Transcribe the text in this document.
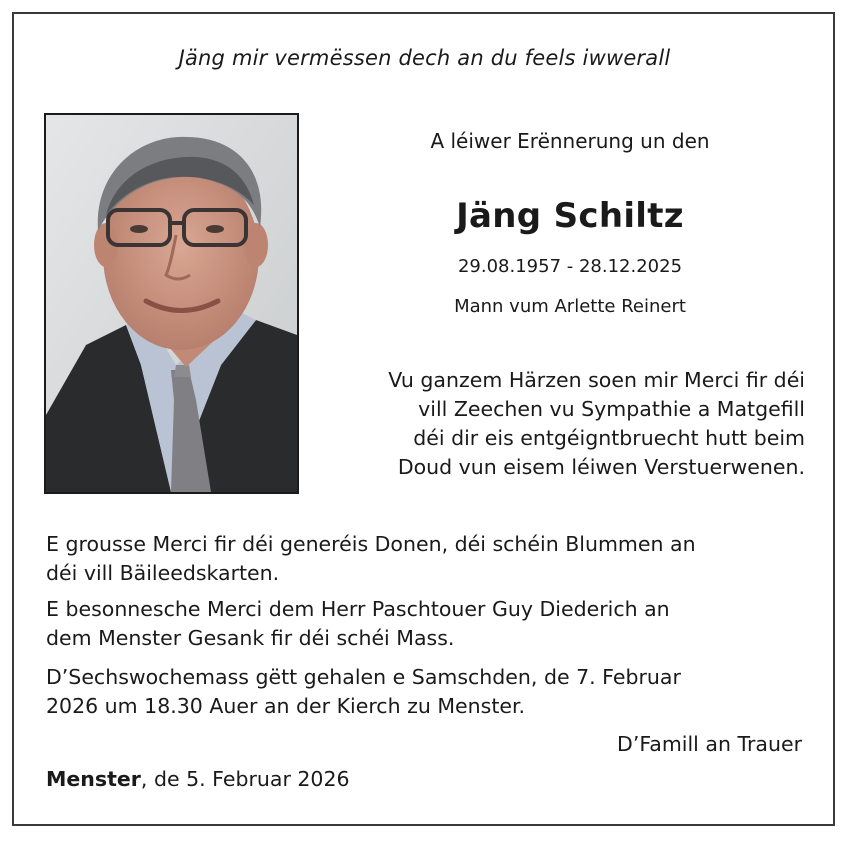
Jäng mir vermëssen dech an du feels iwwerall
A léiwer Erënnerung un den
Jäng Schiltz
29.08.1957 - 28.12.2025
Mann vum Arlette Reinert
Vu ganzem Härzen soen mir Merci fir déi
vill Zeechen vu Sympathie a Matgefill
déi dir eis entgéigntbruecht hutt beim
Doud vun eisem léiwen Verstuerwenen.
E grousse Merci fir déi generéis Donen, déi schéin Blummen an
déi vill Bäileedskarten.
E besonnesche Merci dem Herr Paschtouer Guy Diederich an
dem Menster Gesank fir déi schéi Mass.
D’Sechswochemass gëtt gehalen e Samschden, de 7. Februar
2026 um 18.30 Auer an der Kierch zu Menster.
D’Famill an Trauer
Menster, de 5. Februar 2026
